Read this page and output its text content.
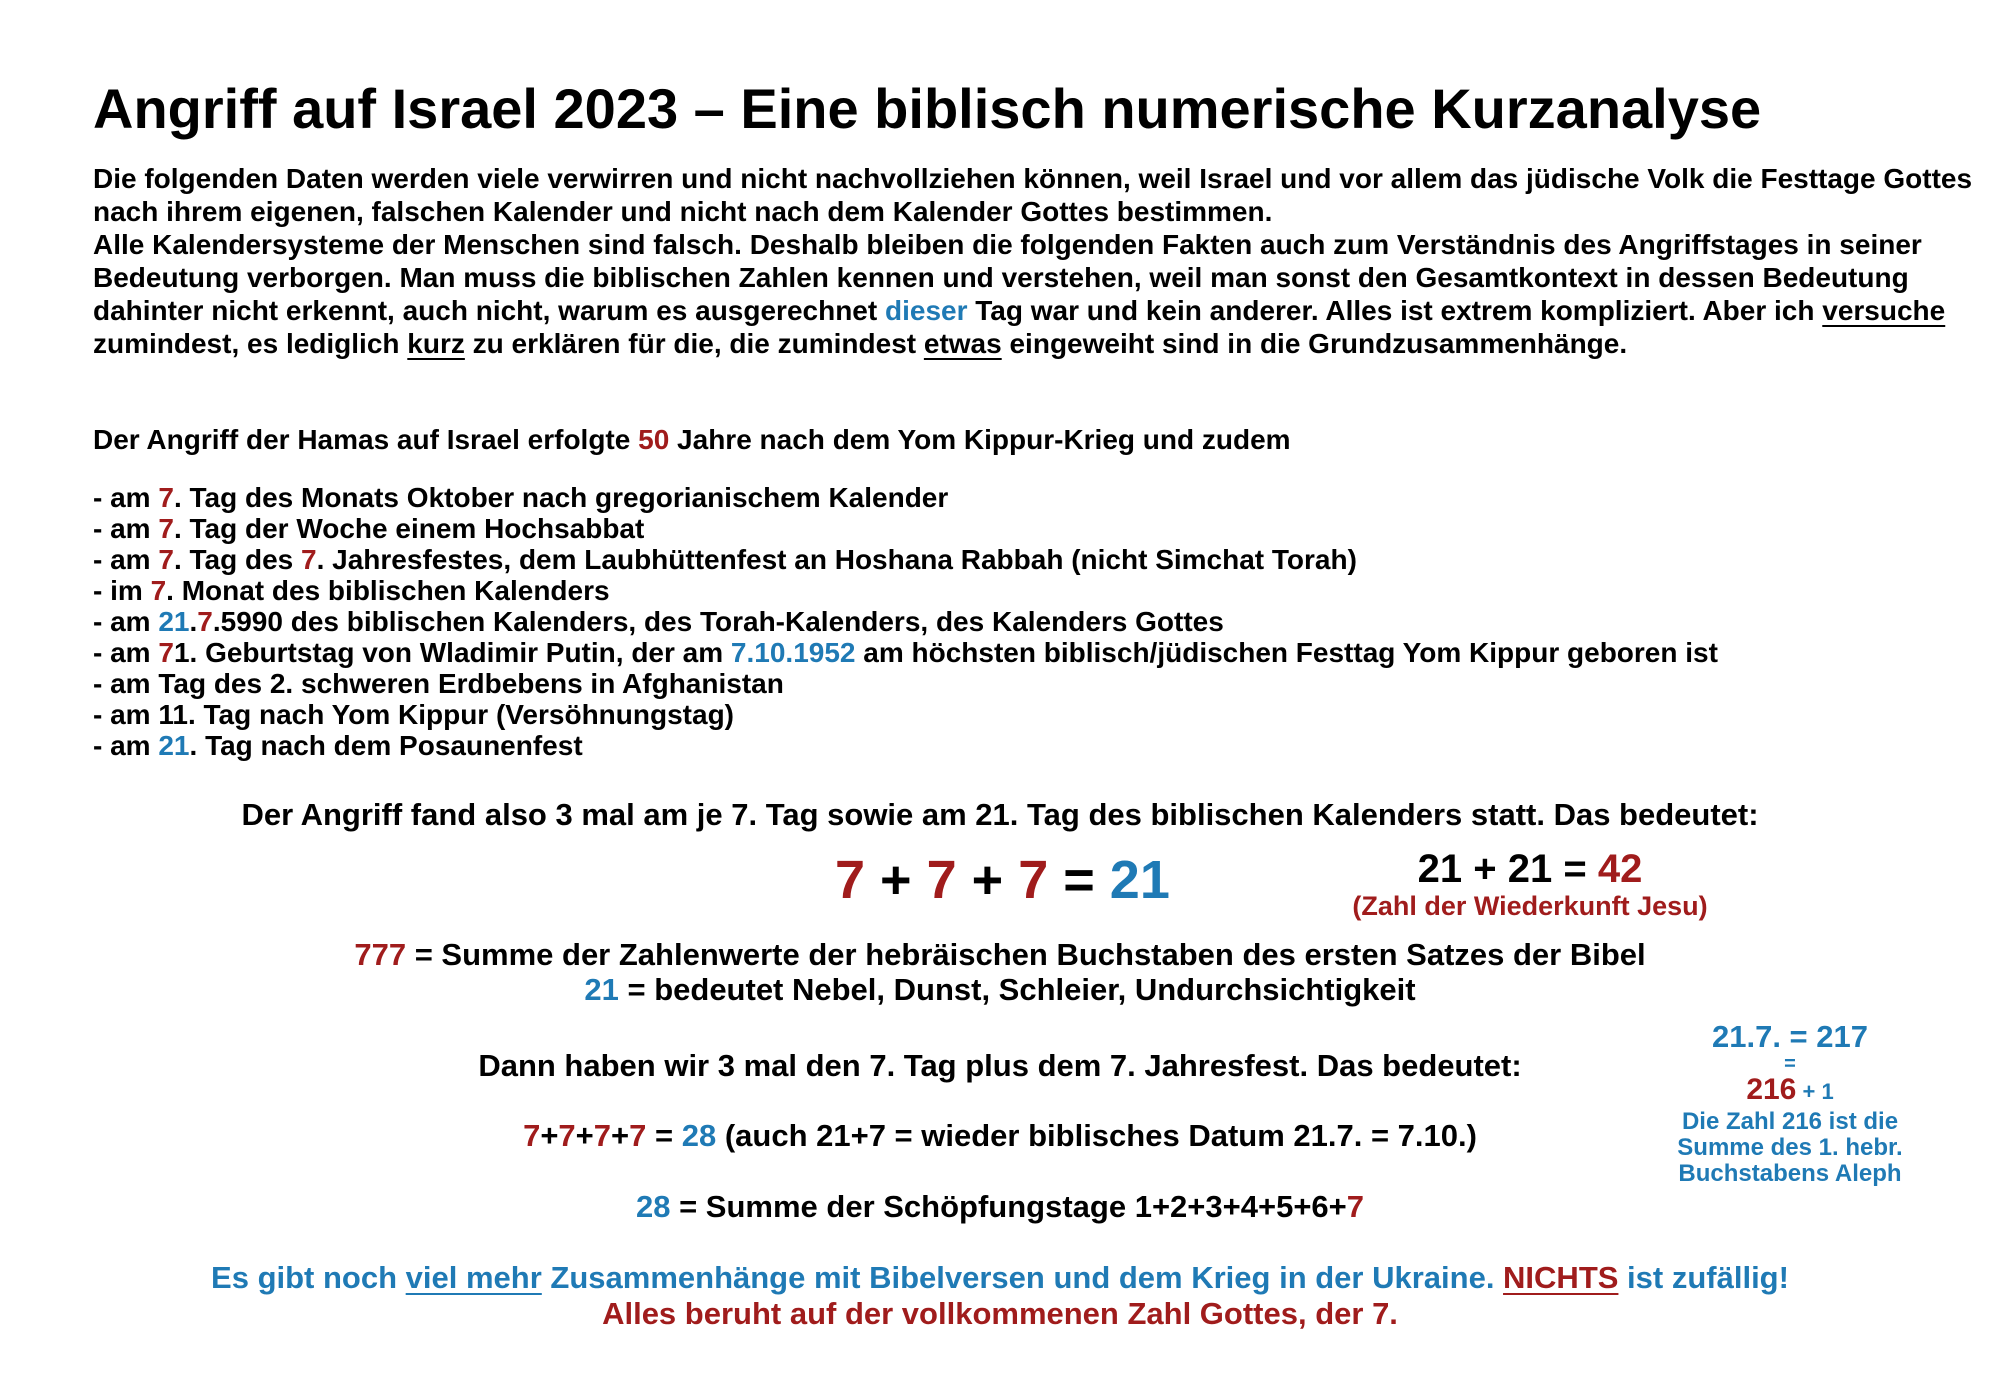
Angriff auf Israel 2023 – Eine biblisch numerische Kurzanalyse

Die folgenden Daten werden viele verwirren und nicht nachvollziehen können, weil Israel und vor allem das jüdische Volk die Festtage Gottes nach ihrem eigenen, falschen Kalender und nicht nach dem Kalender Gottes bestimmen.

Alle Kalendersysteme der Menschen sind falsch. Deshalb bleiben die folgenden Fakten auch zum Verständnis des Angriffstages in seiner Bedeutung verborgen. Man muss die biblischen Zahlen kennen und verstehen, weil man sonst den Gesamtkontext in dessen Bedeutung dahinter nicht erkennt, auch nicht, warum es ausgerechnet dieser Tag war und kein anderer. Alles ist extrem kompliziert. Aber ich versuche zumindest, es lediglich kurz zu erklären für die, die zumindest etwas eingeweiht sind in die Grundzusammenhänge.

Der Angriff der Hamas auf Israel erfolgte 50 Jahre nach dem Yom Kippur-Krieg und zudem
- am 7. Tag des Monats Oktober nach gregorianischem Kalender
- am 7. Tag der Woche einem Hochsabbat
- am 7. Tag des 7. Jahresfestes, dem Laubhüttenfest an Hoshana Rabbah (nicht Simchat Torah)
- im 7. Monat des biblischen Kalenders
- am 21.7.5990 des biblischen Kalenders, des Torah-Kalenders, des Kalenders Gottes
- am 71. Geburtstag von Wladimir Putin, der am 7.10.1952 am höchsten biblisch/jüdischen Festtag Yom Kippur geboren ist
- am Tag des 2. schweren Erdbebens in Afghanistan
- am 11. Tag nach Yom Kippur (Versöhnungstag)
- am 21. Tag nach dem Posaunenfest
Der Angriff fand also 3 mal am je 7. Tag sowie am 21. Tag des biblischen Kalenders statt. Das bedeutet:
7 + 7 + 7 = 21	21 + 21 = 42
(Zahl der Wiederkunft Jesu)
777 = Summe der Zahlenwerte der hebräischen Buchstaben des ersten Satzes der Bibel
21 = bedeutet Nebel, Dunst, Schleier, Undurchsichtigkeit
Dann haben wir 3 mal den 7. Tag plus dem 7. Jahresfest. Das bedeutet:
7+7+7+7 = 28 (auch 21+7 = wieder biblisches Datum 21.7. = 7.10.)
28 = Summe der Schöpfungstage 1+2+3+4+5+6+7
21.7. = 217
=
216 + 1
Die Zahl 216 ist die
Summe des 1. hebr.
Buchstabens Aleph
Es gibt noch viel mehr Zusammenhänge mit Bibelversen und dem Krieg in der Ukraine. NICHTS ist zufällig!
Alles beruht auf der vollkommenen Zahl Gottes, der 7.
